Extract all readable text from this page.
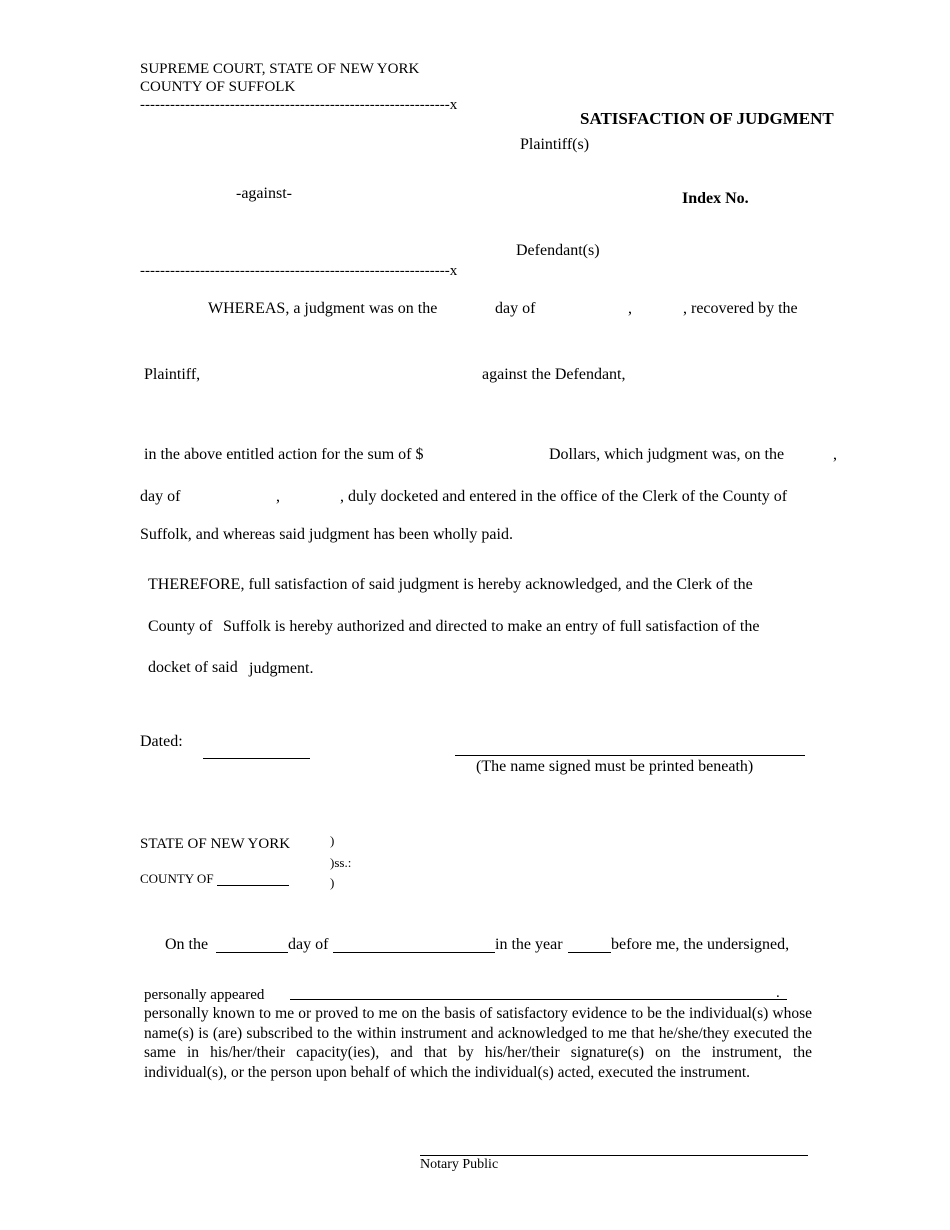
SUPREME COURT, STATE OF NEW YORK
COUNTY OF SUFFOLK
--------------------------------------------------------------x
SATISFACTION OF JUDGMENT
Plaintiff(s)
-against-	Index No.
Defendant(s)
--------------------------------------------------------------x
WHEREAS, a judgment was on the	day of	,	, recovered by the
Plaintiff,	against the Defendant,
in the above entitled action for the sum of $	Dollars, which judgment was, on the	,
day of	,	, duly docketed and entered in the office of the Clerk of the County of
Suffolk, and whereas said judgment has been wholly paid.
THEREFORE, full satisfaction of said judgment is hereby acknowledged, and the Clerk of the
County of Suffolk is hereby authorized and directed to make an entry of full satisfaction of the
docket of said judgment.
Dated:
(The name signed must be printed beneath)
STATE OF NEW YORK
COUNTY OF
)
)ss.:
)
On the	day of	in the year	before me, the undersigned,
personally appeared	.
personally known to me or proved to me on the basis of satisfactory evidence to be the individual(s) whose name(s) is (are) subscribed to the within instrument and acknowledged to me that he/she/they executed the same in his/her/their capacity(ies), and that by his/her/their signature(s) on the instrument, the individual(s), or the person upon behalf of which the individual(s) acted, executed the instrument.
Notary Public
